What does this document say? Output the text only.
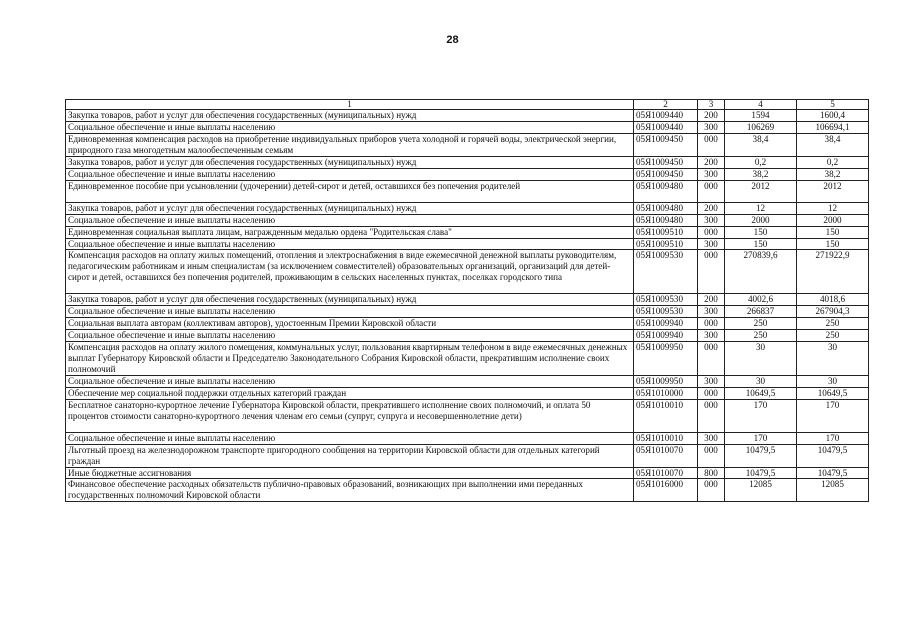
28
1	2	3	4	5
Закупка товаров, работ и услуг для обеспечения государственных (муниципальных) нужд	05Я1009440	200	1594	1600,4
Социальное обеспечение и иные выплаты населению	05Я1009440	300	106269	106694,1
Единовременная компенсация расходов на приобретение индивидуальных приборов учета холодной и горячей воды, электрической энергии, природного газа многодетным малообеспеченным семьям	05Я1009450	000	38,4	38,4
Закупка товаров, работ и услуг для обеспечения государственных (муниципальных) нужд	05Я1009450	200	0,2	0,2
Социальное обеспечение и иные выплаты населению	05Я1009450	300	38,2	38,2
Единовременное пособие при усыновлении (удочерении) детей-сирот и детей, оставшихся без попечения родителей	05Я1009480	000	2012	2012
Закупка товаров, работ и услуг для обеспечения государственных (муниципальных) нужд	05Я1009480	200	12	12
Социальное обеспечение и иные выплаты населению	05Я1009480	300	2000	2000
Единовременная социальная выплата лицам, награжденным медалью ордена "Родительская слава"	05Я1009510	000	150	150
Социальное обеспечение и иные выплаты населению	05Я1009510	300	150	150
Компенсация расходов на оплату жилых помещений, отопления и электроснабжения в виде ежемесячной денежной выплаты руководителям, педагогическим работникам и иным специалистам (за исключением совместителей) образовательных организаций, организаций для детей-сирот и детей, оставшихся без попечения родителей, проживающим в сельских населенных пунктах, поселках городского типа	05Я1009530	000	270839,6	271922,9
Закупка товаров, работ и услуг для обеспечения государственных (муниципальных) нужд	05Я1009530	200	4002,6	4018,6
Социальное обеспечение и иные выплаты населению	05Я1009530	300	266837	267904,3
Социальная выплата авторам (коллективам авторов), удостоенным Премии Кировской области	05Я1009940	000	250	250
Социальное обеспечение и иные выплаты населению	05Я1009940	300	250	250
Компенсация расходов на оплату жилого помещения, коммунальных услуг, пользования квартирным телефоном в виде ежемесячных денежных выплат Губернатору Кировской области и Председателю Законодательного Собрания Кировской области, прекратившим исполнение своих полномочий	05Я1009950	000	30	30
Социальное обеспечение и иные выплаты населению	05Я1009950	300	30	30
Обеспечение мер социальной поддержки отдельных категорий граждан	05Я1010000	000	10649,5	10649,5
Бесплатное санаторно-курортное лечение Губернатора Кировской области, прекратившего исполнение своих полномочий, и оплата 50 процентов стоимости санаторно-курортного лечения членам его семьи (супруг, супруга и несовершеннолетние дети)	05Я1010010	000	170	170
Социальное обеспечение и иные выплаты населению	05Я1010010	300	170	170
Льготный проезд на железнодорожном транспорте пригородного сообщения на территории Кировской области для отдельных категорий граждан	05Я1010070	000	10479,5	10479,5
Иные бюджетные ассигнования	05Я1010070	800	10479,5	10479,5
Финансовое обеспечение расходных обязательств публично-правовых образований, возникающих при выполнении ими переданных государственных полномочий Кировской области	05Я1016000	000	12085	12085
